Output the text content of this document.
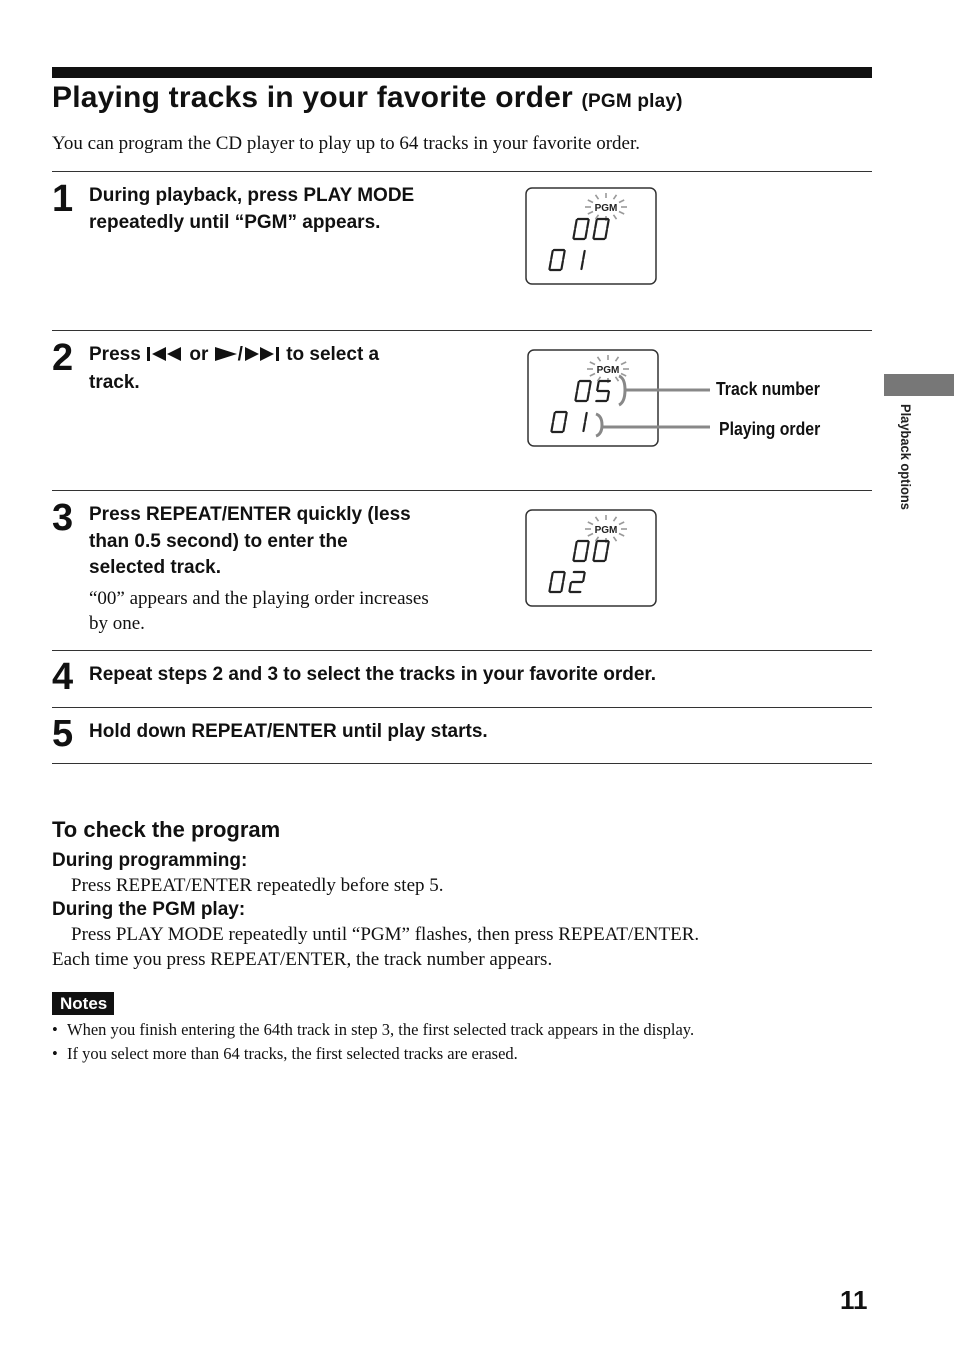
Playing tracks in your favorite order (PGM play)
You can program the CD player to play up to 64 tracks in your favorite order.
1 During playback, press PLAY MODE
repeatedly until “PGM” appears.
PGM
2 Press	or / to select a
track.
PGM
Track number
Playing order
3 Press REPEAT/ENTER quickly (less
than 0.5 second) to enter the
selected track.
“00” appears and the playing order increases
by one.
PGM
4 Repeat steps 2 and 3 to select the tracks in your favorite order.
5 Hold down REPEAT/ENTER until play starts.
Playback options
To check the program
During programming:
Press REPEAT/ENTER repeatedly before step 5.
During the PGM play:
Press PLAY MODE repeatedly until “PGM” flashes, then press REPEAT/ENTER.
Each time you press REPEAT/ENTER, the track number appears.
Notes
• When you finish entering the 64th track in step 3, the first selected track appears in the display.
• If you select more than 64 tracks, the first selected tracks are erased.
11
